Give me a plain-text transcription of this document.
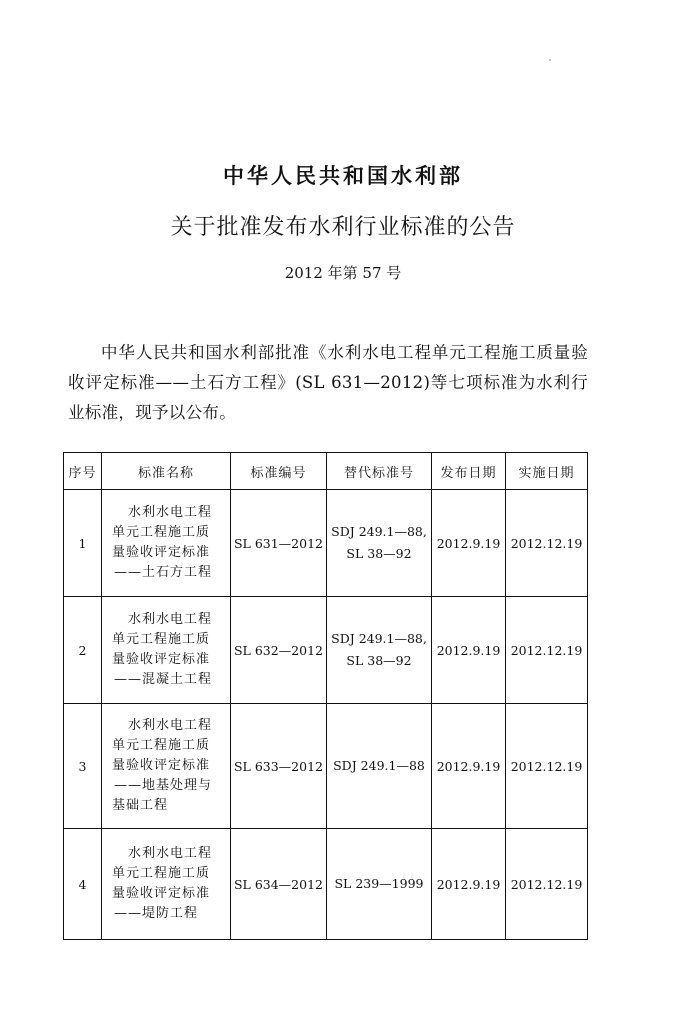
中华人民共和国水利部
关于批准发布水利行业标准的公告
2012 年第 57 号
中华人民共和国水利部批准《水利水电工程单元工程施工质量验收评定标准——土石方工程》(SL 631—2012)等七项标准为水利行业标准，现予以公布。
序号	标准名称	标准编号	替代标准号	发布日期	实施日期
1	水利水电工程
单元工程施工质
量验收评定标准
——土石方工程	SL 631—2012	SDJ 249.1—88,
SL 38—92	2012.9.19	2012.12.19
2	水利水电工程
单元工程施工质
量验收评定标准
——混凝土工程	SL 632—2012	SDJ 249.1—88,
SL 38—92	2012.9.19	2012.12.19
3	水利水电工程
单元工程施工质
量验收评定标准
——地基处理与
基础工程	SL 633—2012	SDJ 249.1—88	2012.9.19	2012.12.19
4	水利水电工程
单元工程施工质
量验收评定标准
——堤防工程	SL 634—2012	SL 239—1999	2012.9.19	2012.12.19
